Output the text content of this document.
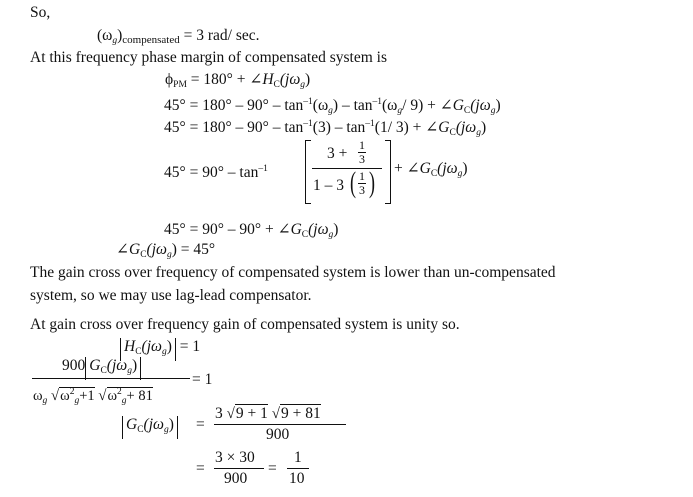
So,
$(\omega_g)compensated = 3$ rad/ sec.
At this frequency phase margin of compensated system is
$\phi_{PM} = 180^\circ$ + $\angle H_C(j\omega_g)$
$45^\circ = 180^\circ - 90^\circ - \tan^{-1}(\omega_g) - \tan^{-1}(\omega_g/$ $9) + \angle G_C(j\omega_g)$
$45^\circ = 180^\circ - 90^\circ - \tan^{-1}(3) - \tan^{-1}(1/$ $3) + \angle G_C(j\omega_g)$
$45^\circ = 90^\circ - \tan^{-1}$
3 + 1
3
1 – 3 ( 1
3 ) + $\angle G_C(j\omega_g)$
$45^\circ = 90^\circ - 90^\circ + \angle G_C(j\omega_g)$
$\angle G_C(j\omega_g) = 45^\circ$
The gain cross over frequency of compensated system is lower than un-compensated
system, so we may use lag-lead compensator.
At gain cross over frequency gain of compensated system is unity so.
$H_C(j\omega_g) = 1$
900 $G_C(j\omega_g)$
$\omega_g$ $√\omega^2_g+1$ $√\omega^2_g+ 81$
= 1
$G_C(j\omega_g)$ =
3 √9 + 1 √9 + 81
900
=
3 × 30
900
=
1
10
